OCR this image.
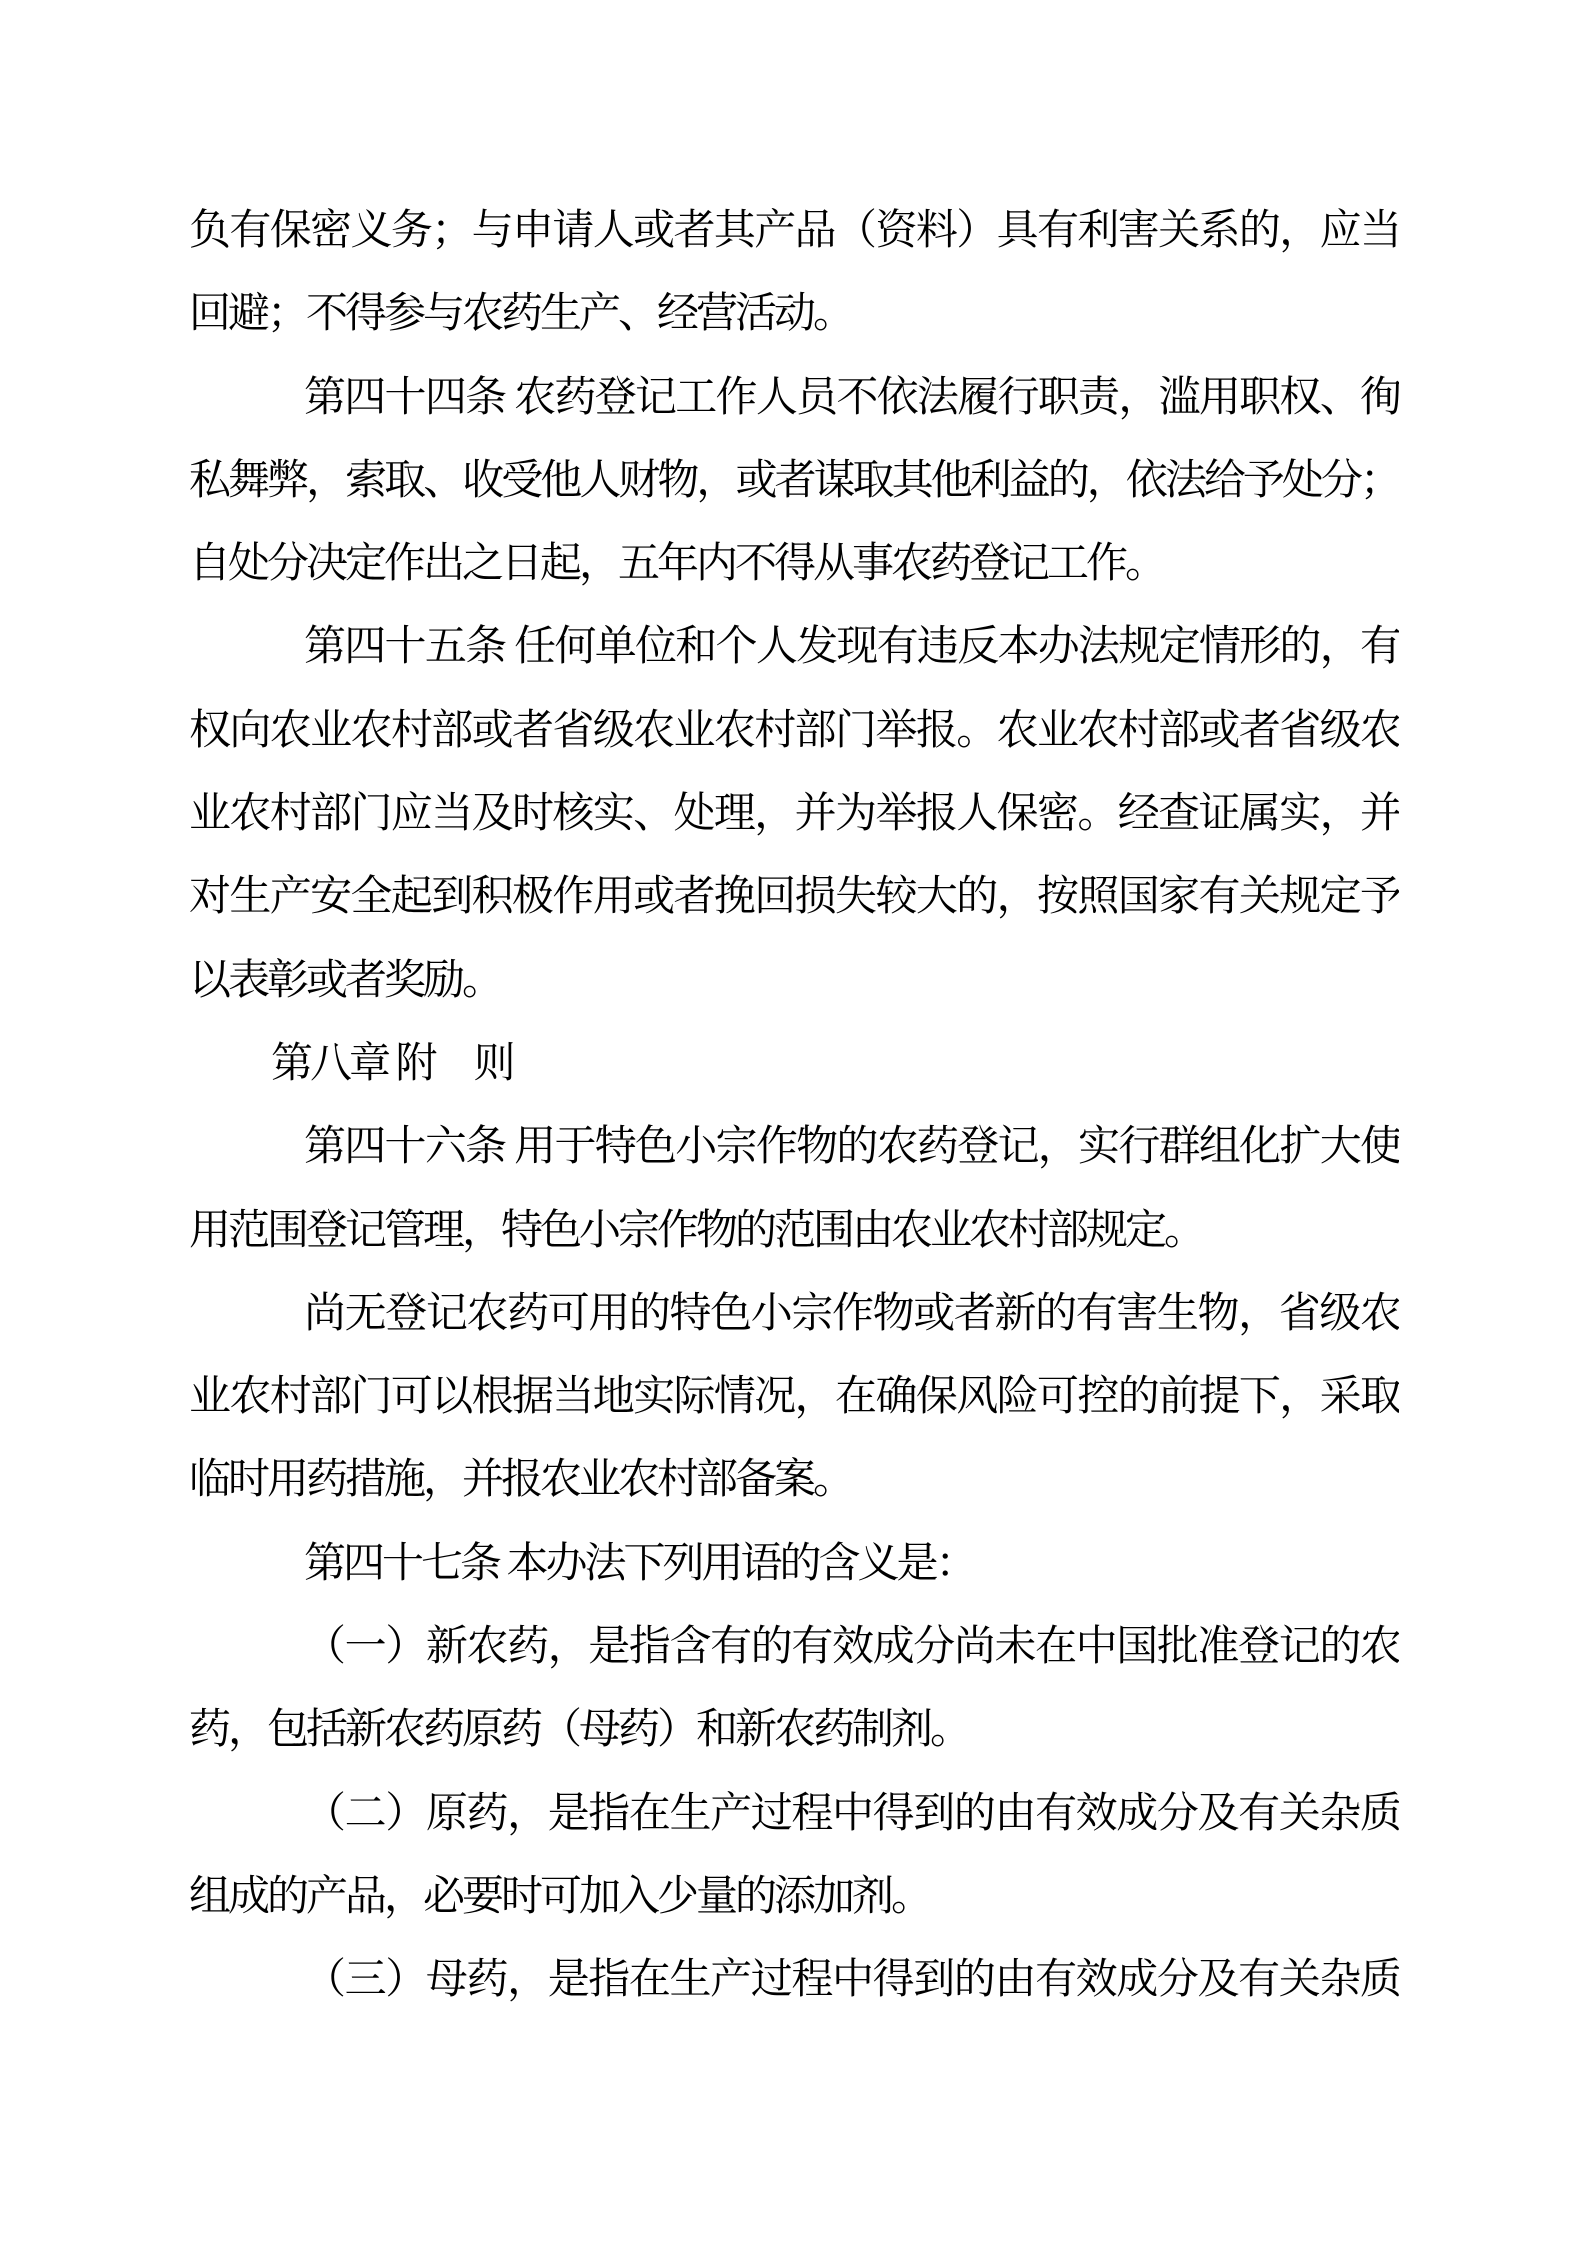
负有保密义务；与申请人或者其产品（资料）具有利害关系的，应当
回避；不得参与农药生产、经营活动。
第四十四条 农药登记工作人员不依法履行职责，滥用职权、徇
私舞弊，索取、收受他人财物，或者谋取其他利益的，依法给予处分；
自处分决定作出之日起，五年内不得从事农药登记工作。
第四十五条 任何单位和个人发现有违反本办法规定情形的，有
权向农业农村部或者省级农业农村部门举报。农业农村部或者省级农
业农村部门应当及时核实、处理，并为举报人保密。经查证属实，并
对生产安全起到积极作用或者挽回损失较大的，按照国家有关规定予
以表彰或者奖励。
第八章 附　则
第四十六条 用于特色小宗作物的农药登记，实行群组化扩大使
用范围登记管理，特色小宗作物的范围由农业农村部规定。
尚无登记农药可用的特色小宗作物或者新的有害生物，省级农
业农村部门可以根据当地实际情况，在确保风险可控的前提下，采取
临时用药措施，并报农业农村部备案。
第四十七条 本办法下列用语的含义是：
（一）新农药，是指含有的有效成分尚未在中国批准登记的农
药，包括新农药原药（母药）和新农药制剂。
（二）原药，是指在生产过程中得到的由有效成分及有关杂质
组成的产品，必要时可加入少量的添加剂。
（三）母药，是指在生产过程中得到的由有效成分及有关杂质
